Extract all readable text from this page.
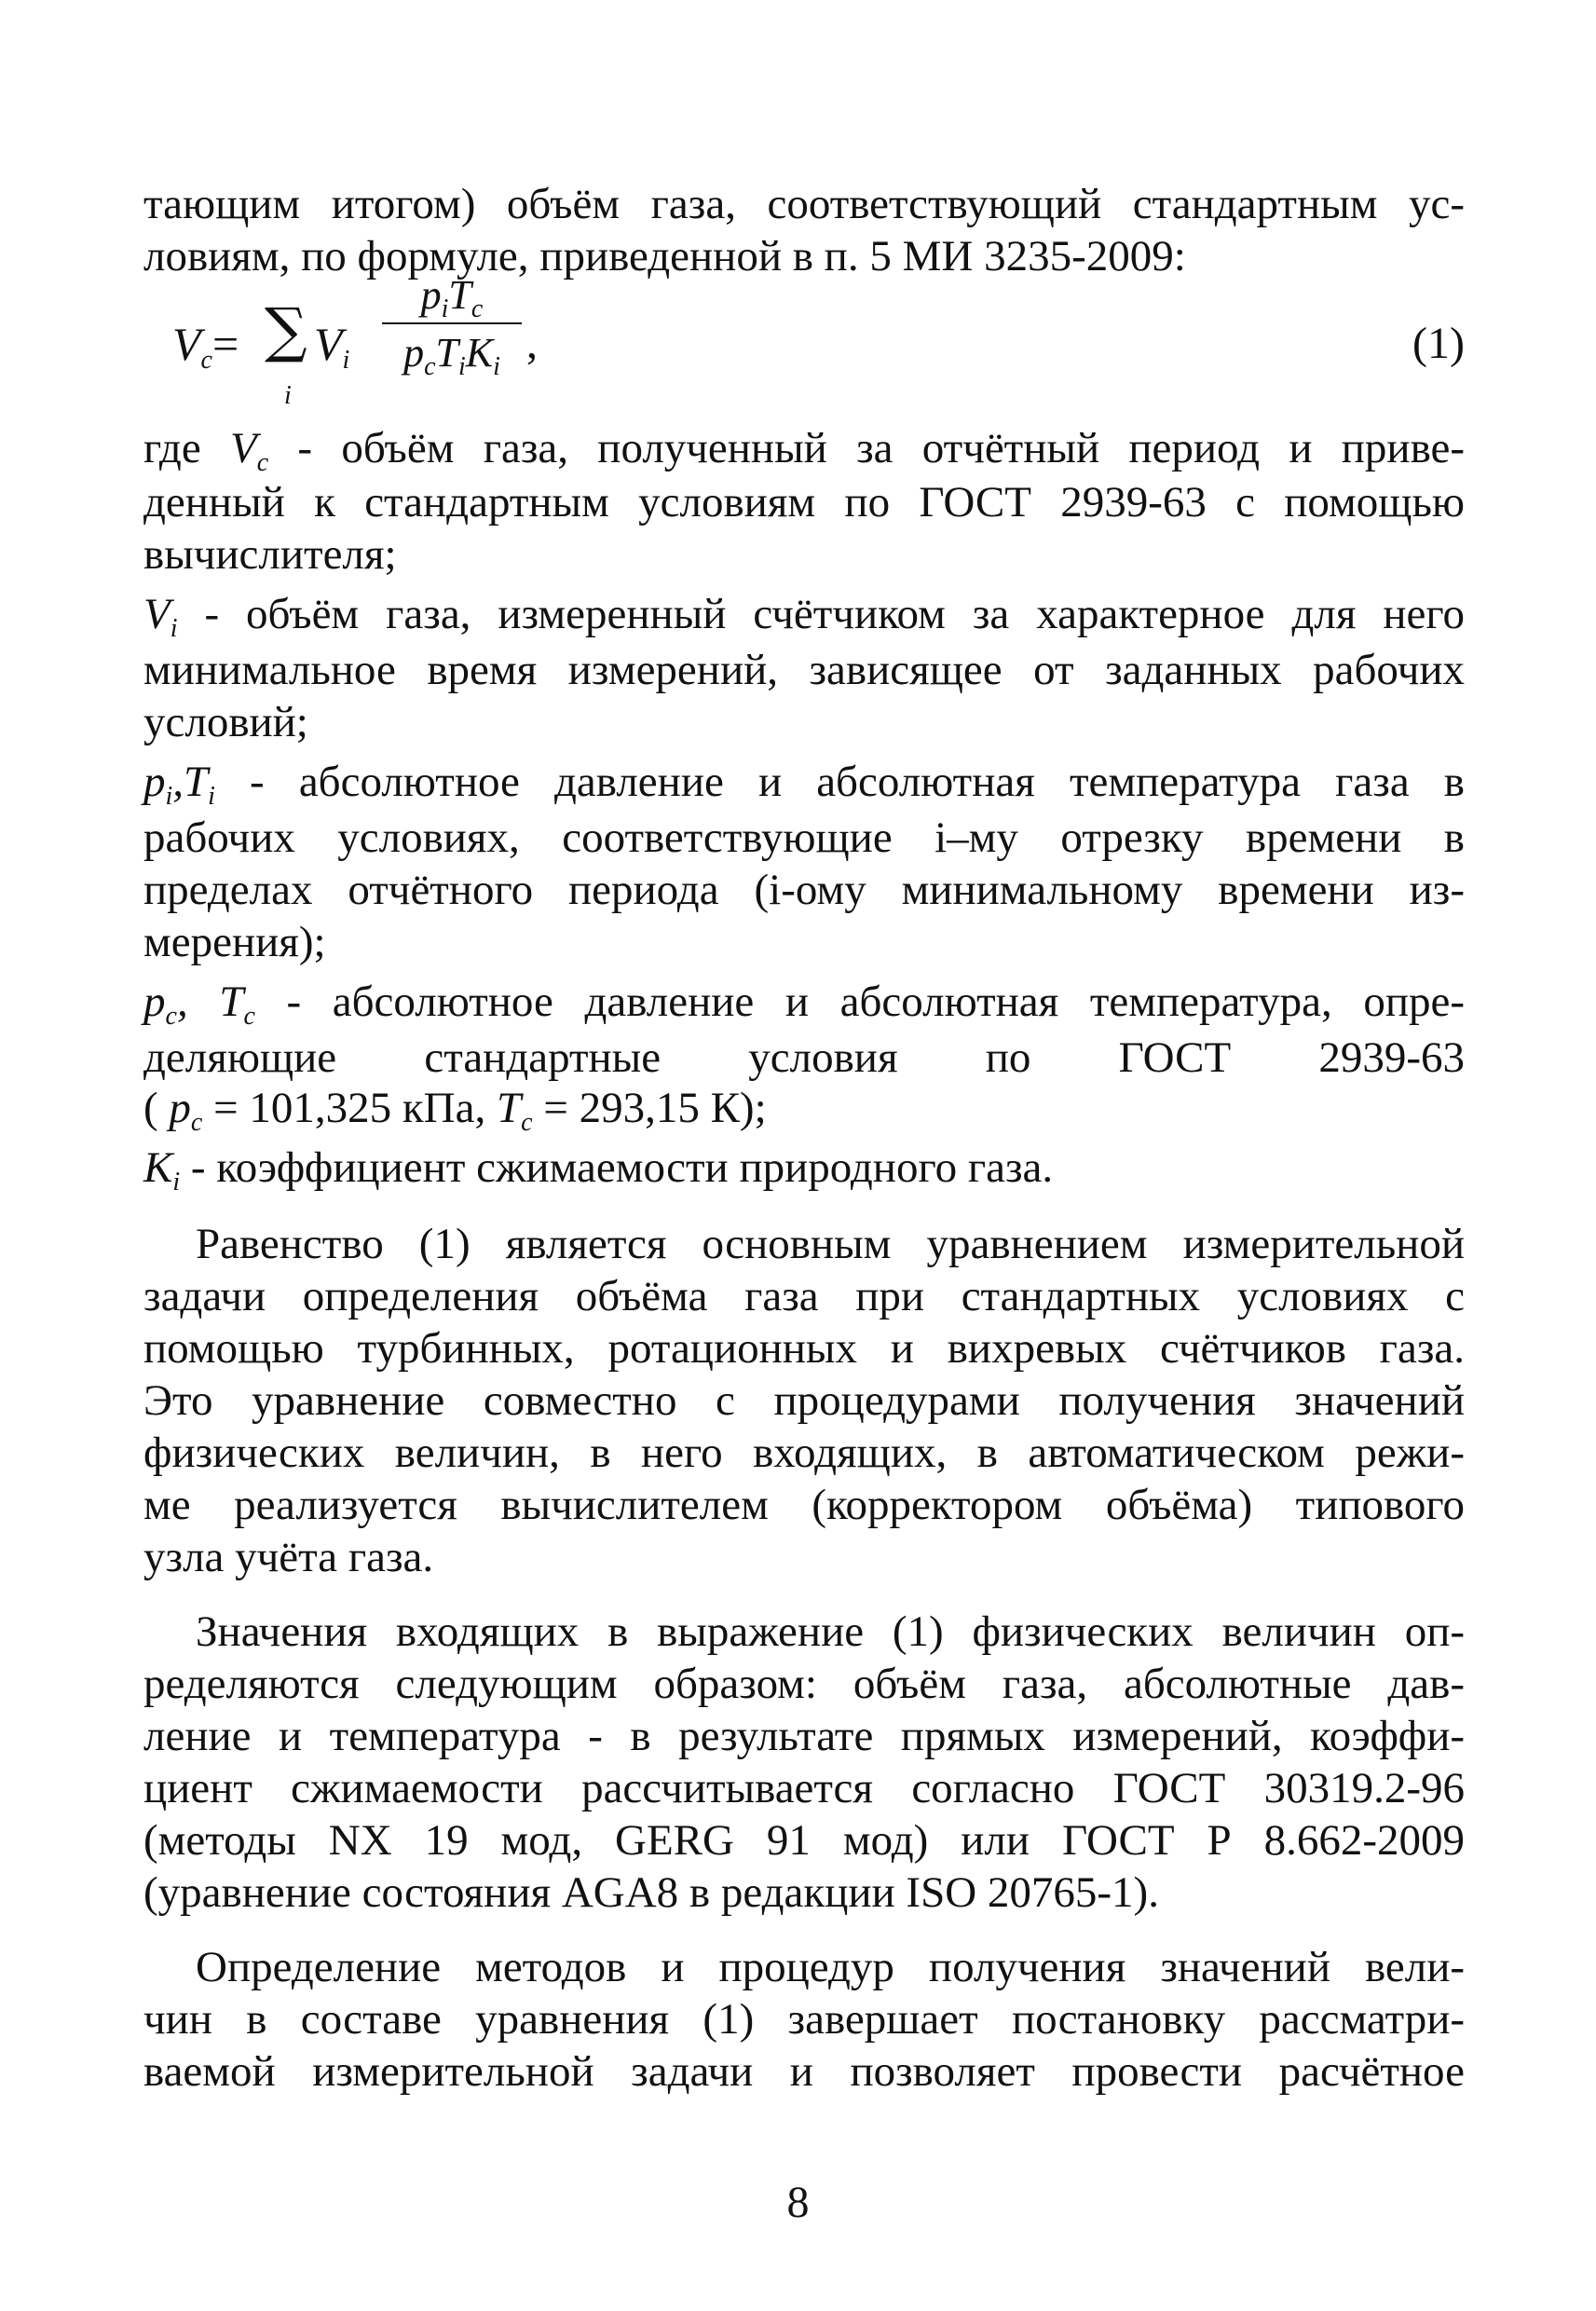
тающим итогом) объём газа, соответствующий стандартным ус-

ловиям, по формуле, приведенной в п. 5 МИ 3235-2009:

$V_c=$ ∑
i
$V_i$
$p_iT_c$
$p_cT_iK_i$ ,	(1)

где $V_c$ - объём газа, полученный за отчётный период и приве-

денный к стандартным условиям по ГОСТ 2939-63 с помощью

вычислителя;

$V_i$ - объём газа, измеренный счётчиком за характерное для него

минимальное время измерений, зависящее от заданных рабочих

условий;

$p_i,T_i$ - абсолютное давление и абсолютная температура газа в

рабочих условиях, соответствующие i–му отрезку времени в

пределах отчётного периода (i-ому минимальному времени из-

мерения);

$p_c$, $T_c$ - абсолютное давление и абсолютная температура, опре-

деляющие стандартные условия по ГОСТ 2939-63

( $p_c = 101,325$ кПа, $T_c = 293,15$ К);

$K_i$ - коэффициент сжимаемости природного газа.

Равенство (1) является основным уравнением измерительной

задачи определения объёма газа при стандартных условиях с

помощью турбинных, ротационных и вихревых счётчиков газа.

Это уравнение совместно с процедурами получения значений

физических величин, в него входящих, в автоматическом режи-

ме реализуется вычислителем (корректором объёма) типового

узла учёта газа.

Значения входящих в выражение (1) физических величин оп-

ределяются следующим образом: объём газа, абсолютные дав-

ление и температура - в результате прямых измерений, коэффи-

циент сжимаемости рассчитывается согласно ГОСТ 30319.2-96

(методы NX 19 мод, GERG 91 мод) или ГОСТ Р 8.662-2009

(уравнение состояния AGA8 в редакции ISO 20765-1).

Определение методов и процедур получения значений вели-

чин в составе уравнения (1) завершает постановку рассматри-

ваемой измерительной задачи и позволяет провести расчётное

8
